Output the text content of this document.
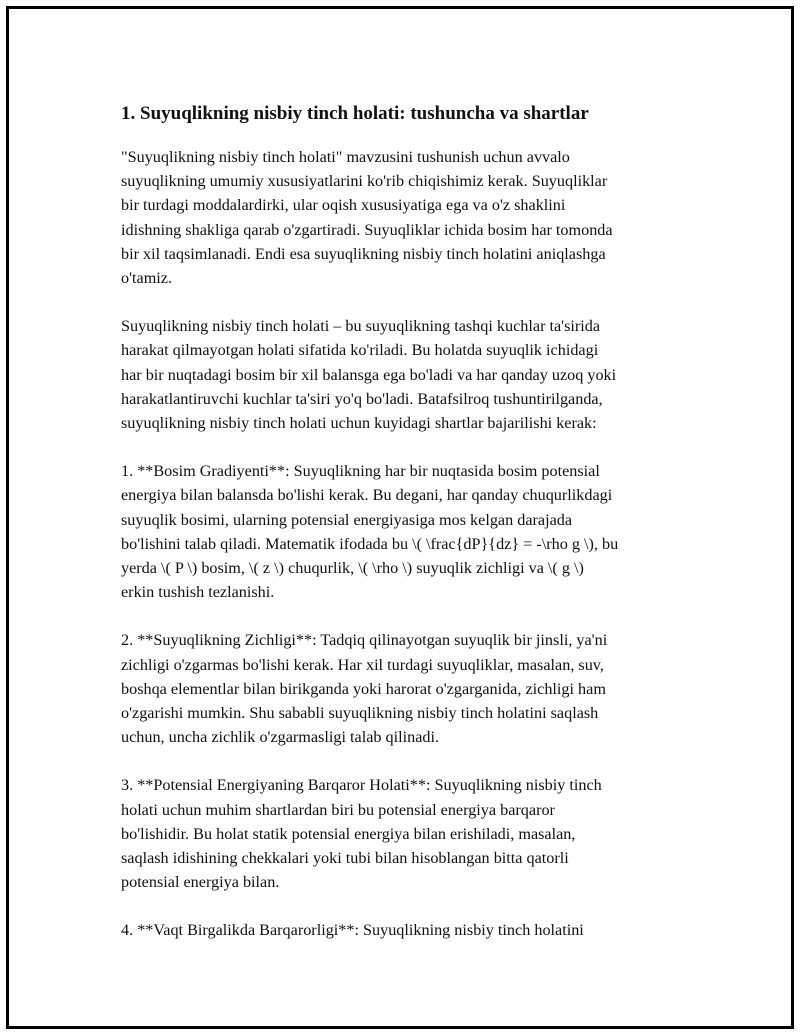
1. Suyuqlikning nisbiy tinch holati: tushuncha va shartlar
"Suyuqlikning nisbiy tinch holati" mavzusini tushunish uchun avvalo
suyuqlikning umumiy xususiyatlarini ko'rib chiqishimiz kerak. Suyuqliklar
bir turdagi moddalardirki, ular oqish xususiyatiga ega va o'z shaklini
idishning shakliga qarab o'zgartiradi. Suyuqliklar ichida bosim har tomonda
bir xil taqsimlanadi. Endi esa suyuqlikning nisbiy tinch holatini aniqlashga
o'tamiz.
Suyuqlikning nisbiy tinch holati – bu suyuqlikning tashqi kuchlar ta'sirida
harakat qilmayotgan holati sifatida ko'riladi. Bu holatda suyuqlik ichidagi
har bir nuqtadagi bosim bir xil balansga ega bo'ladi va har qanday uzoq yoki
harakatlantiruvchi kuchlar ta'siri yo'q bo'ladi. Batafsilroq tushuntirilganda,
suyuqlikning nisbiy tinch holati uchun kuyidagi shartlar bajarilishi kerak:
1. **Bosim Gradiyenti**: Suyuqlikning har bir nuqtasida bosim potensial
energiya bilan balansda bo'lishi kerak. Bu degani, har qanday chuqurlikdagi
suyuqlik bosimi, ularning potensial energiyasiga mos kelgan darajada
bo'lishini talab qiladi. Matematik ifodada bu \( \frac{dP}{dz} = -\rho g \), bu
yerda \( P \) bosim, \( z \) chuqurlik, \( \rho \) suyuqlik zichligi va \( g \)
erkin tushish tezlanishi.
2. **Suyuqlikning Zichligi**: Tadqiq qilinayotgan suyuqlik bir jinsli, ya'ni
zichligi o'zgarmas bo'lishi kerak. Har xil turdagi suyuqliklar, masalan, suv,
boshqa elementlar bilan birikganda yoki harorat o'zgarganida, zichligi ham
o'zgarishi mumkin. Shu sababli suyuqlikning nisbiy tinch holatini saqlash
uchun, uncha zichlik o'zgarmasligi talab qilinadi.
3. **Potensial Energiyaning Barqaror Holati**: Suyuqlikning nisbiy tinch
holati uchun muhim shartlardan biri bu potensial energiya barqaror
bo'lishidir. Bu holat statik potensial energiya bilan erishiladi, masalan,
saqlash idishining chekkalari yoki tubi bilan hisoblangan bitta qatorli
potensial energiya bilan.
4. **Vaqt Birgalikda Barqarorligi**: Suyuqlikning nisbiy tinch holatini
